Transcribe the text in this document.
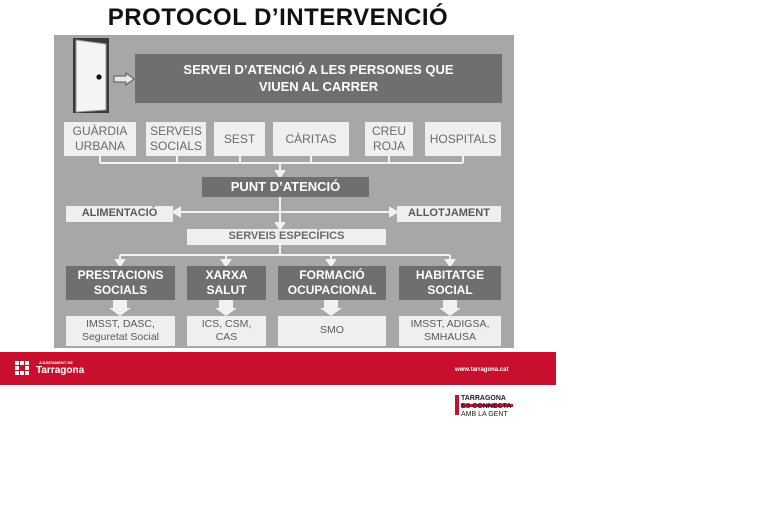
PROTOCOL D’INTERVENCIÓ
SERVEI D’ATENCIÓ A LES PERSONES QUE
VIUEN AL CARRER
GUÀRDIA
URBANA
SERVEIS
SOCIALS
SEST	CÀRITAS
CREU
ROJA
HOSPITALS
PUNT D’ATENCIÓ
ALIMENTACIÓ	ALLOTJAMENT
SERVEIS ESPECÍFICS
PRESTACIONS
SOCIALS
XARXA
SALUT
FORMACIÓ
OCUPACIONAL
HABITATGE
SOCIAL
IMSST, DASC,
Seguretat Social
ICS, CSM,
CAS
SMO
IMSST, ADIGSA,
SMHAUSA
AJUNTAMENT DE
Tarragona	www.tarragona.cat
TARRAGONA
ES CONNECTA
AMB LA GENT
